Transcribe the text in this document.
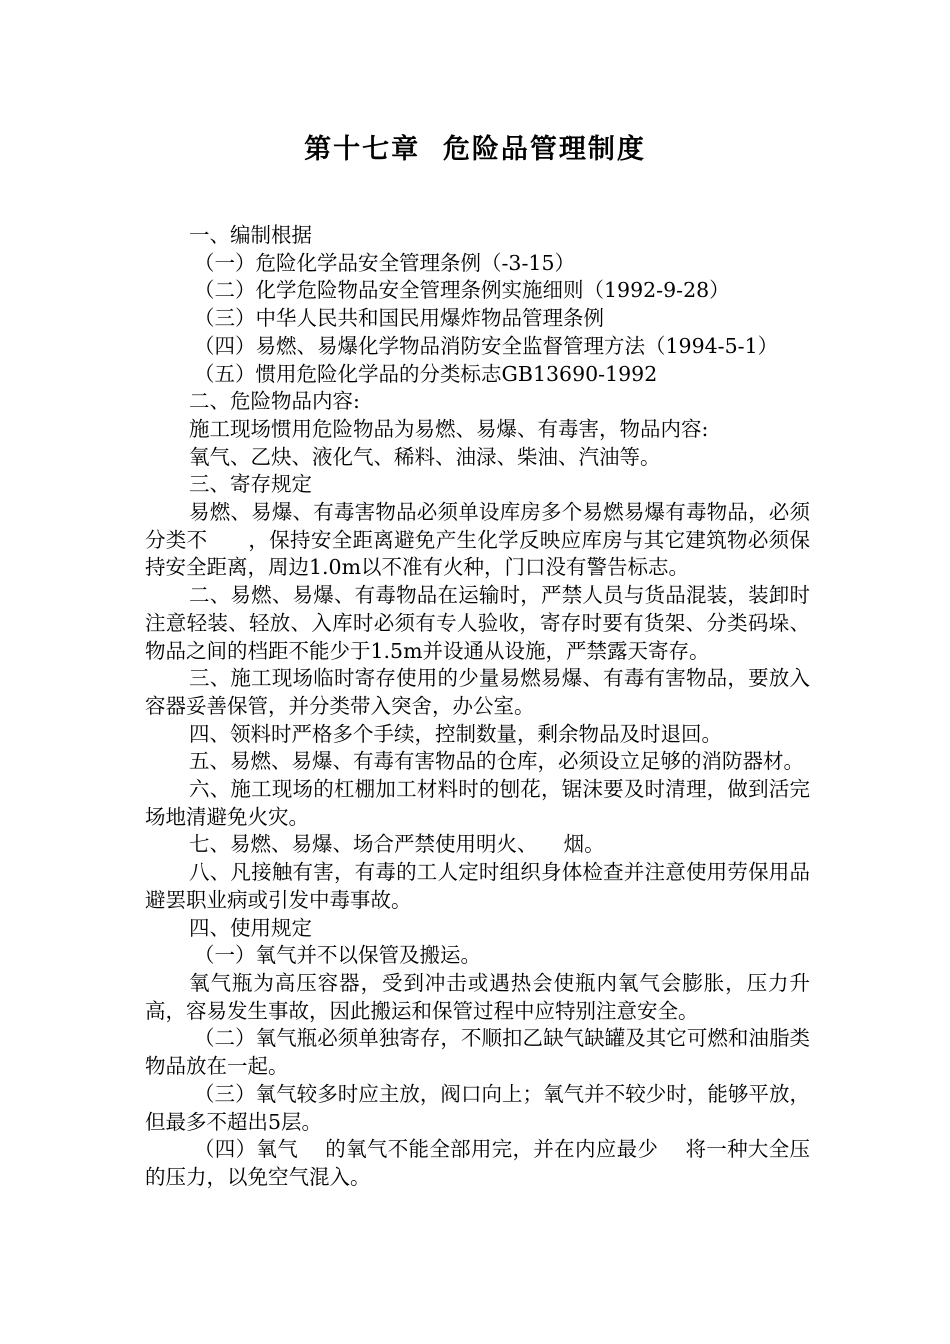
第十七章  危险品管理制度

一、编制根据

（一）危险化学品安全管理条例（-3-15）

（二）化学危险物品安全管理条例实施细则（1992-9-28）

（三）中华人民共和国民用爆炸物品管理条例

（四）易燃、易爆化学物品消防安全监督管理方法（1994-5-1）

（五）惯用危险化学品的分类标志GB13690-1992

二、危险物品内容:

施工现场惯用危险物品为易燃、易爆、有毒害，物品内容:

氧气、乙炔、液化气、稀料、油渌、柴油、汽油等。

三、寄存规定

易燃、易爆、有毒害物品必须单设库房多个易燃易爆有毒物品，必须分类不      ，保持安全距离避免产生化学反映应库房与其它建筑物必须保持安全距离，周边1.0m以不准有火种，门口没有警告标志。

二、易燃、易爆、有毒物品在运输时，严禁人员与货品混装，装卸时注意轻装、轻放、入库时必须有专人验收，寄存时要有货架、分类码垛、物品之间的档距不能少于1.5m并设通从设施，严禁露天寄存。

三、施工现场临时寄存使用的少量易燃易爆、有毒有害物品，要放入容器妥善保管，并分类带入突舍，办公室。

四、领料时严格多个手续，控制数量，剩余物品及时退回。

五、易燃、易爆、有毒有害物品的仓库，必须设立足够的消防器材。

六、施工现场的杠棚加工材料时的刨花，锯沫要及时清理，做到活完场地清避免火灾。

七、易燃、易爆、场合严禁使用明火、    烟。

八、凡接触有害，有毒的工人定时组织身体检查并注意使用劳保用品避罢职业病或引发中毒事故。

四、使用规定

（一）氧气并不以保管及搬运。

氧气瓶为高压容器，受到冲击或遇热会使瓶内氧气会膨胀，压力升高，容易发生事故，因此搬运和保管过程中应特别注意安全。

（二）氧气瓶必须单独寄存，不顺扣乙缺气缺罐及其它可燃和油脂类物品放在一起。

（三）氧气较多时应主放，阀口向上；氧气并不较少时，能够平放，但最多不超出5层。

（四）氧气    的氧气不能全部用完，并在内应最少    将一种大全压的压力，以免空气混入。
